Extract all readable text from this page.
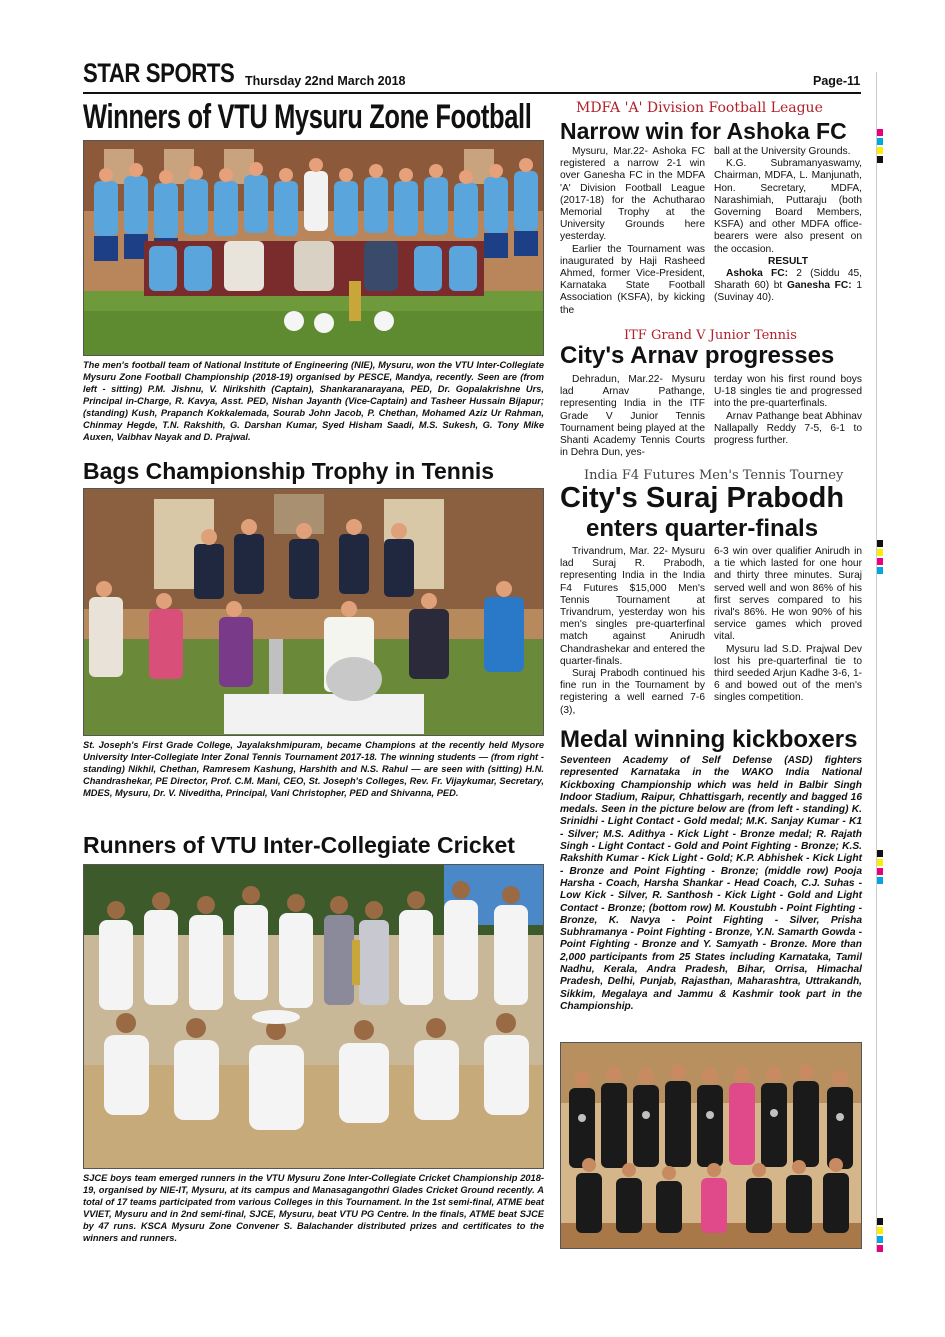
STAR SPORTS Thursday 22nd March 2018	Page-11
Winners of VTU Mysuru Zone Football
The men's football team of National Institute of Engineering (NIE), Mysuru, won the VTU Inter-Collegiate Mysuru Zone Football Championship (2018-19) organised by PESCE, Mandya, recently. Seen are (from left - sitting) P.M. Jishnu, V. Nirikshith (Captain), Shankaranarayana, PED, Dr. Gopalakrishne Urs, Principal in-Charge, R. Kavya, Asst. PED, Nishan Jayanth (Vice-Captain) and Tasheer Hussain Bijapur; (standing) Kush, Prapanch Kokkalemada, Sourab John Jacob, P. Chethan, Mohamed Aziz Ur Rahman, Chinmay Hegde, T.N. Rakshith, G. Darshan Kumar, Syed Hisham Saadi, M.S. Sukesh, G. Tony Mike Auxen, Vaibhav Nayak and D. Prajwal.
Bags Championship Trophy in Tennis
St. Joseph's First Grade College, Jayalakshmipuram, became Champions at the recently held Mysore University Inter-Collegiate Inter Zonal Tennis Tournament 2017-18. The winning students — (from right - standing) Nikhil, Chethan, Ramresem Kashung, Harshith and N.S. Rahul — are seen with (sitting) H.N. Chandrashekar, PE Director, Prof. C.M. Mani, CEO, St. Joseph's Colleges, Rev. Fr. Vijaykumar, Secretary, MDES, Mysuru, Dr. V. Niveditha, Principal, Vani Christopher, PED and Shivanna, PED.
Runners of VTU Inter-Collegiate Cricket
SJCE boys team emerged runners in the VTU Mysuru Zone Inter-Collegiate Cricket Championship 2018-19, organised by NIE-IT, Mysuru, at its campus and Manasagangothri Glades Cricket Ground recently. A total of 17 teams participated from various Colleges in this Tournament. In the 1st semi-final, ATME beat VVIET, Mysuru and in 2nd semi-final, SJCE, Mysuru, beat VTU PG Centre. In the finals, ATME beat SJCE by 47 runs. KSCA Mysuru Zone Convener S. Balachander distributed prizes and certificates to the winners and runners.
MDFA 'A' Division Football League
Narrow win for Ashoka FC

Mysuru, Mar.22- Ashoka FC registered a narrow 2-1 win over Ganesha FC in the MDFA 'A' Division Football League (2017-18) for the Achutharao Memorial Trophy at the University Grounds here yesterday.

Earlier the Tournament was inaugurated by Haji Rasheed Ahmed, former Vice-President, Karnataka State Football Association (KSFA), by kicking the

ball at the University Grounds.

K.G. Subramanyaswamy, Chairman, MDFA, L. Manjunath, Hon. Secretary, MDFA, Narashimiah, Puttaraju (both Governing Board Members, KSFA) and other MDFA office-bearers were also present on the occasion.

RESULT

Ashoka FC: 2 (Siddu 45, Sharath 60) bt Ganesha FC: 1 (Suvinay 40).

ITF Grand V Junior Tennis
City's Arnav progresses

Dehradun, Mar.22- Mysuru lad Arnav Pathange, representing India in the ITF Grade V Junior Tennis Tournament being played at the Shanti Academy Tennis Courts in Dehra Dun, yes-

terday won his first round boys U-18 singles tie and progressed into the pre-quarterfinals.

Arnav Pathange beat Abhinav Nallapally Reddy 7-5, 6-1 to progress further.

India F4 Futures Men's Tennis Tourney
City's Suraj Prabodh
enters quarter-finals

Trivandrum, Mar. 22- Mysuru lad Suraj R. Prabodh, representing India in the India F4 Futures $15,000 Men's Tennis Tournament at Trivandrum, yesterday won his men's singles pre-quarterfinal match against Anirudh Chandrashekar and entered the quarter-finals.

Suraj Prabodh continued his fine run in the Tournament by registering a well earned 7-6 (3),

6-3 win over qualifier Anirudh in a tie which lasted for one hour and thirty three minutes. Suraj served well and won 86% of his first serves compared to his rival's 86%. He won 90% of his service games which proved vital.

Mysuru lad S.D. Prajwal Dev lost his pre-quarterfinal tie to third seeded Arjun Kadhe 3-6, 1-6 and bowed out of the men's singles competition.

Medal winning kickboxers
Seventeen Academy of Self Defense (ASD) fighters represented Karnataka in the WAKO India National Kickboxing Championship which was held in Balbir Singh Indoor Stadium, Raipur, Chhattisgarh, recently and bagged 16 medals. Seen in the picture below are (from left - standing) K. Srinidhi - Light Contact - Gold medal; M.K. Sanjay Kumar - K1 - Silver; M.S. Adithya - Kick Light - Bronze medal; R. Rajath Singh - Light Contact - Gold and Point Fighting - Bronze; K.S. Rakshith Kumar - Kick Light - Gold; K.P. Abhishek - Kick Light - Bronze and Point Fighting - Bronze; (middle row) Pooja Harsha - Coach, Harsha Shankar - Head Coach, C.J. Suhas - Low Kick - Silver, R. Santhosh - Kick Light - Gold and Light Contact - Bronze; (bottom row) M. Koustubh - Point Fighting - Bronze, K. Navya - Point Fighting - Silver, Prisha Subhramanya - Point Fighting - Bronze, Y.N. Samarth Gowda - Point Fighting - Bronze and Y. Samyath - Bronze. More than 2,000 participants from 25 States including Karnataka, Tamil Nadhu, Kerala, Andra Pradesh, Bihar, Orrisa, Himachal Pradesh, Delhi, Punjab, Rajasthan, Maharashtra, Uttrakandh, Sikkim, Megalaya and Jammu & Kashmir took part in the Championship.
